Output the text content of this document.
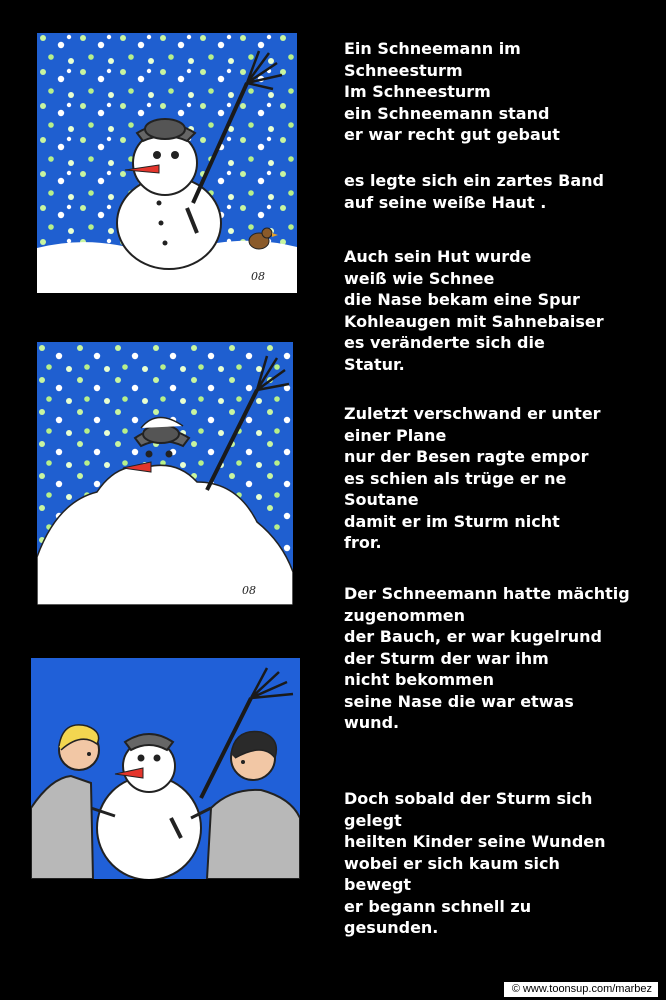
08
08
Ein Schneemann im
Schneesturm
Im Schneesturm
ein Schneemann stand
er war recht gut gebaut
es legte sich ein zartes Band
auf seine weiße Haut .
Auch sein Hut wurde
weiß wie Schnee
die Nase bekam eine Spur
Kohleaugen mit Sahnebaiser
es veränderte sich die
Statur.
Zuletzt verschwand er unter
einer Plane
nur der Besen ragte empor
es schien als trüge er ne
Soutane
damit er im Sturm nicht
fror.
Der Schneemann hatte mächtig
zugenommen
der Bauch, er war kugelrund
der Sturm der war ihm
nicht bekommen
seine Nase die war etwas
wund.
Doch sobald der Sturm sich
gelegt
heilten Kinder seine Wunden
wobei er sich kaum sich
bewegt
er begann schnell zu
gesunden.

© www.toonsup.com/marbez
